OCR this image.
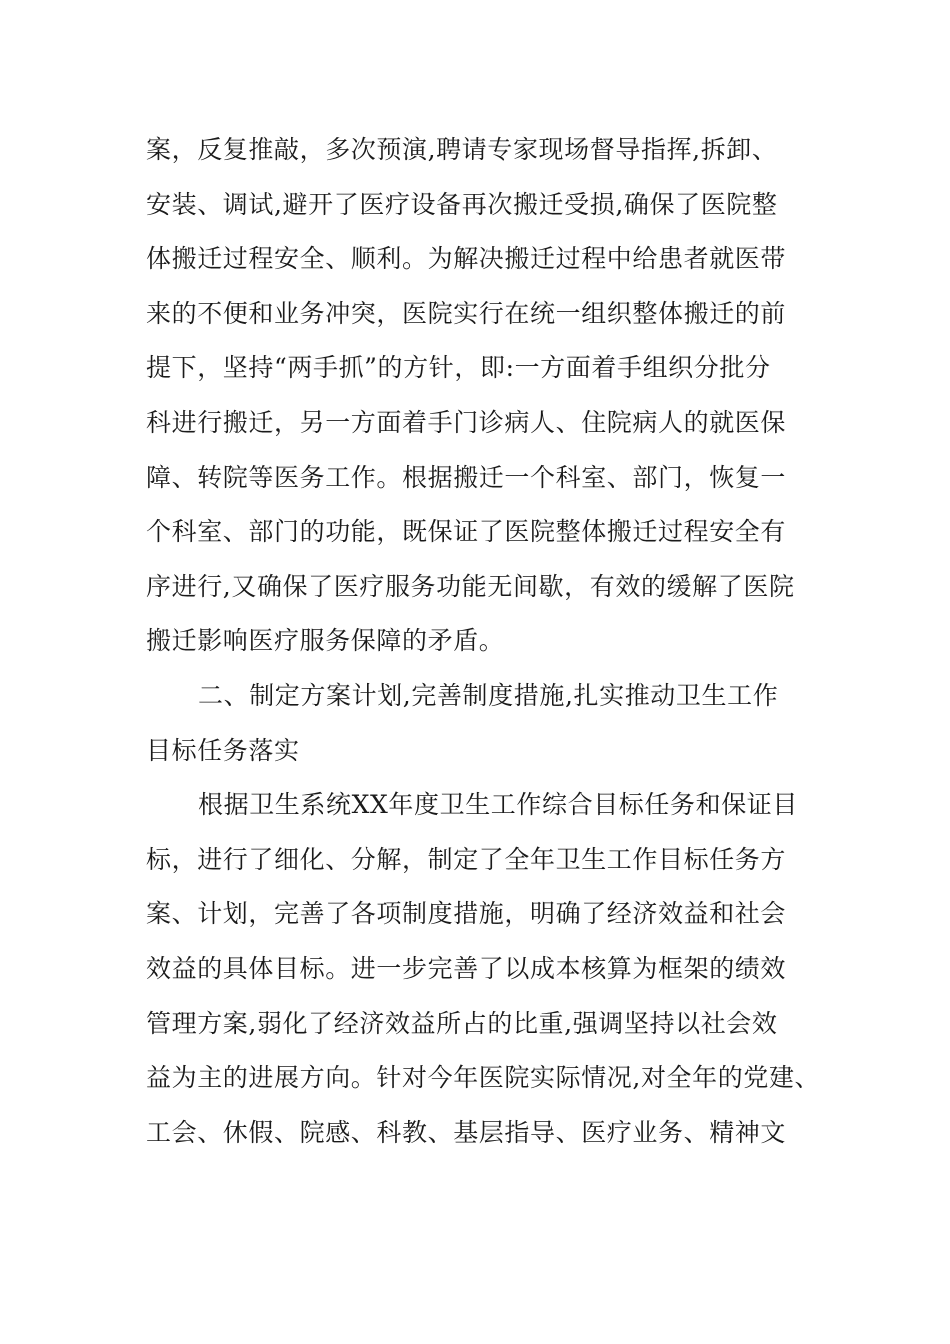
案，反复推敲，多次预演,聘请专家现场督导指挥,拆卸、
安装、调试,避开了医疗设备再次搬迁受损,确保了医院整
体搬迁过程安全、顺利。为解决搬迁过程中给患者就医带
来的不便和业务冲突，医院实行在统一组织整体搬迁的前
提下，坚持“两手抓”的方针，即:一方面着手组织分批分
科进行搬迁，另一方面着手门诊病人、住院病人的就医保
障、转院等医务工作。根据搬迁一个科室、部门，恢复一
个科室、部门的功能，既保证了医院整体搬迁过程安全有
序进行,又确保了医疗服务功能无间歇，有效的缓解了医院
搬迁影响医疗服务保障的矛盾。
二、制定方案计划,完善制度措施,扎实推动卫生工作
目标任务落实
根据卫生系统XX年度卫生工作综合目标任务和保证目
标，进行了细化、分解，制定了全年卫生工作目标任务方
案、计划，完善了各项制度措施，明确了经济效益和社会
效益的具体目标。进一步完善了以成本核算为框架的绩效
管理方案,弱化了经济效益所占的比重,强调坚持以社会效
益为主的进展方向。针对今年医院实际情况,对全年的党建、
工会、休假、院感、科教、基层指导、医疗业务、精神文
